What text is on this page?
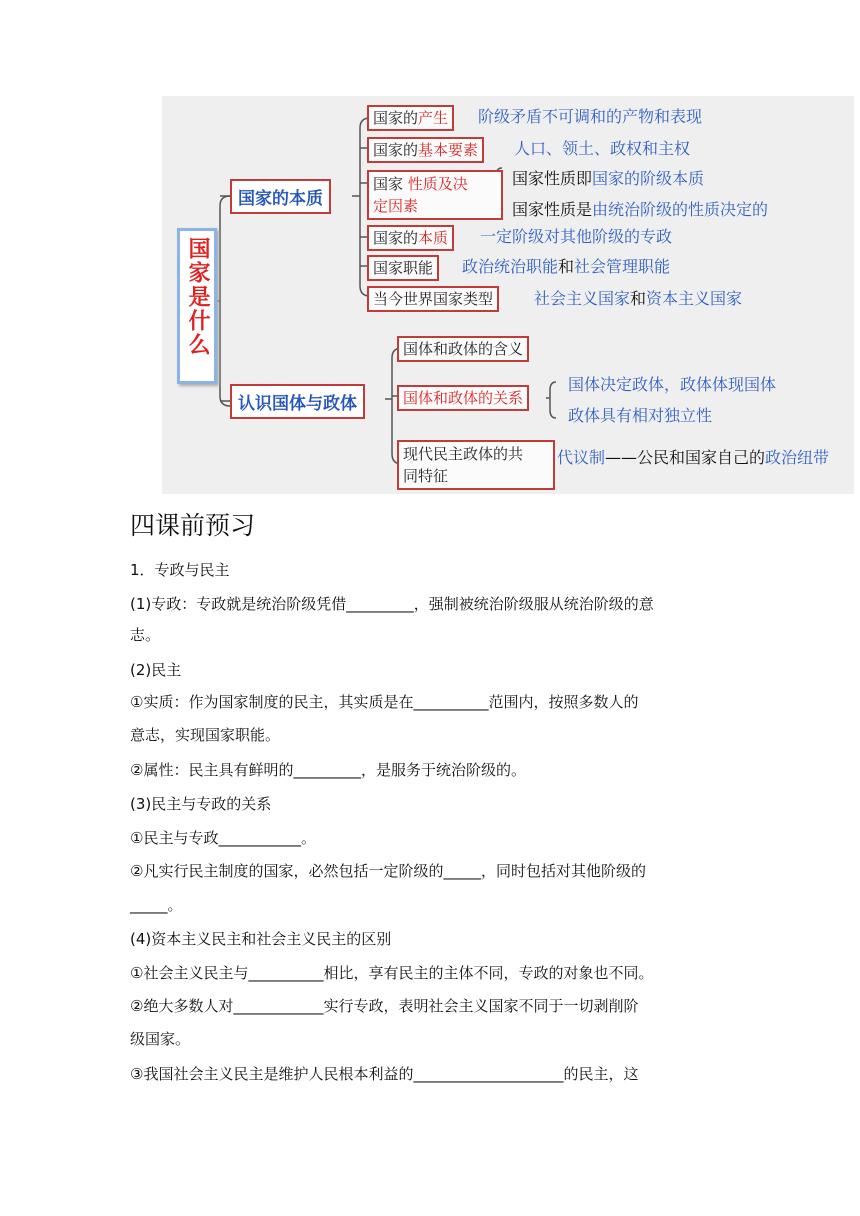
国家是什么
国家的本质
认识国体与政体
国家的产生	阶级矛盾不可调和的产物和表现
国家的基本要素	人口、领土、政权和主权
国家 性质及决
定因素
国家性质即国家的阶级本质
国家性质是由统治阶级的性质决定的
国家的本质	一定阶级对其他阶级的专政
国家职能	政治统治职能和社会管理职能
当今世界国家类型	社会主义国家和资本主义国家
国体和政体的含义
国体和政体的关系
国体决定政体，政体体现国体
政体具有相对独立性
现代民主政体的共
同特征
代议制——公民和国家自己的政治纽带
四课前预习
1．专政与民主
(1)专政：专政就是统治阶级凭借_________，强制被统治阶级服从统治阶级的意
志。
(2)民主
①实质：作为国家制度的民主，其实质是在__________范围内，按照多数人的
意志，实现国家职能。
②属性：民主具有鲜明的_________，是服务于统治阶级的。
(3)民主与专政的关系
①民主与专政___________。
②凡实行民主制度的国家，必然包括一定阶级的_____，同时包括对其他阶级的
_____。
(4)资本主义民主和社会主义民主的区别
①社会主义民主与__________相比，享有民主的主体不同，专政的对象也不同。
②绝大多数人对____________实行专政，表明社会主义国家不同于一切剥削阶
级国家。
③我国社会主义民主是维护人民根本利益的____________________的民主，这
